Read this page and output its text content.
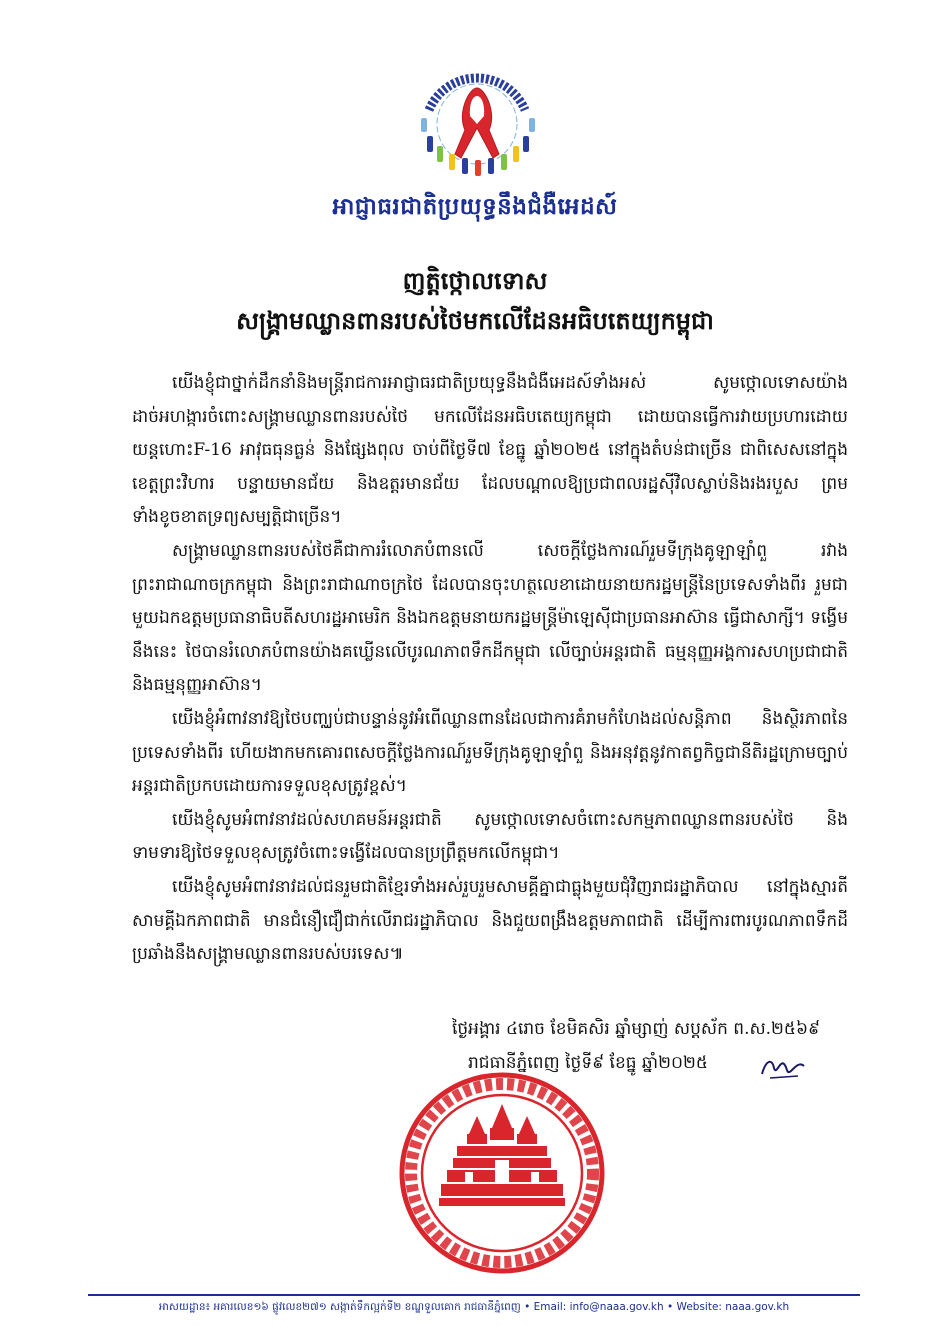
អាជ្ញាធរជាតិប្រយុទ្ធនឹងជំងឺអេដស៍
ញត្តិថ្កោលទោស
សង្គ្រាមឈ្លានពានរបស់ថៃមកលើដែនអធិបតេយ្យកម្ពុជា

យើងខ្ញុំជាថ្នាក់ដឹកនាំនិងមន្ត្រីរាជការអាជ្ញាធរជាតិប្រយុទ្ធនឹងជំងឺអេដស៍ទាំងអស់ សូមថ្កោលទោសយ៉ាងដាច់អហង្ការចំពោះសង្គ្រាមឈ្លានពានរបស់ថៃ មកលើដែនអធិបតេយ្យកម្ពុជា ដោយបានធ្វើការវាយប្រហារដោយយន្តហោះF-16 អាវុធធុនធ្ងន់ និងផ្សែងពុល ចាប់ពីថ្ងៃទី៧ ខែធ្នូ ឆ្នាំ២០២៥ នៅក្នុងតំបន់ជាច្រើន ជាពិសេសនៅក្នុងខេត្តព្រះវិហារ បន្ទាយមានជ័យ និងឧត្តរមានជ័យ ដែលបណ្តាលឱ្យប្រជាពលរដ្ឋស៊ីវិលស្លាប់និងរងរបួស ព្រមទាំងខូចខាតទ្រព្យសម្បត្តិជាច្រើន។

សង្គ្រាមឈ្លានពានរបស់ថៃគឺជាការរំលោភបំពានលើ សេចក្តីថ្លែងការណ៍រួមទីក្រុងគូឡាឡាំពួ រវាងព្រះរាជាណាចក្រកម្ពុជា និងព្រះរាជាណាចក្រថៃ ដែលបានចុះហត្ថលេខាដោយនាយករដ្ឋមន្ត្រីនៃប្រទេសទាំងពីរ រួមជាមួយឯកឧត្តមប្រធានាធិបតីសហរដ្ឋអាមេរិក និងឯកឧត្តមនាយករដ្ឋមន្ត្រីម៉ាឡេស៊ីជាប្រធានអាស៊ាន ធ្វើជាសាក្សី។ ទង្វើមនឹងនេះ ថៃបានរំលោភបំពានយ៉ាងគឃ្លើនលើបូរណភាពទឹកដីកម្ពុជា លើច្បាប់អន្តរជាតិ ធម្មនុញ្ញអង្គការសហប្រជាជាតិ និងធម្មនុញ្ញអាស៊ាន។

យើងខ្ញុំអំពាវនាវឱ្យថៃបញ្ឈប់ជាបន្ទាន់នូវអំពើឈ្លានពានដែលជាការគំរាមកំហែងដល់សន្តិភាព និងស្ថិរភាពនៃប្រទេសទាំងពីរ ហើយងាកមកគោរពសេចក្តីថ្លែងការណ៍រួមទីក្រុងគូឡាឡាំពួ និងអនុវត្តនូវកាតព្វកិច្ចជានីតិរដ្ឋក្រោមច្បាប់អន្តរជាតិប្រកបដោយការទទួលខុសត្រូវខ្ពស់។

យើងខ្ញុំសូមអំពាវនាវដល់សហគមន៍អន្តរជាតិ សូមថ្កោលទោសចំពោះសកម្មភាពឈ្លានពានរបស់ថៃ និងទាមទារឱ្យថៃទទួលខុសត្រូវចំពោះទង្វើដែលបានប្រព្រឹត្តមកលើកម្ពុជា។

យើងខ្ញុំសូមអំពាវនាវដល់ជនរួមជាតិខ្មែរទាំងអស់រួបរួមសាមគ្គីគ្នាជាធ្លុងមួយជុំវិញរាជរដ្ឋាភិបាល នៅក្នុងស្មារតីសាមគ្គីឯកភាពជាតិ មានជំនឿជឿជាក់លើរាជរដ្ឋាភិបាល និងជួយពង្រឹងឧត្តមភាពជាតិ ដើម្បីការពារបូរណភាពទឹកដីប្រឆាំងនឹងសង្គ្រាមឈ្លានពានរបស់បរទេស៕

ថ្ងៃអង្គារ ៤រោច ខែមិគសិរ ឆ្នាំម្សាញ់ សប្តស័ក ព.ស.២៥៦៩
រាជធានីភ្នំពេញ ថ្ងៃទី៩ ខែធ្នូ ឆ្នាំ២០២៥
អាសយដ្ឋាន៖ អគារលេខ១៦ ផ្លូវលេខ២៧១ សង្កាត់ទឹកល្អក់ទី២ ខណ្ឌទួលគោក រាជធានីភ្នំពេញ • Email: info@naaa.gov.kh • Website: naaa.gov.kh
